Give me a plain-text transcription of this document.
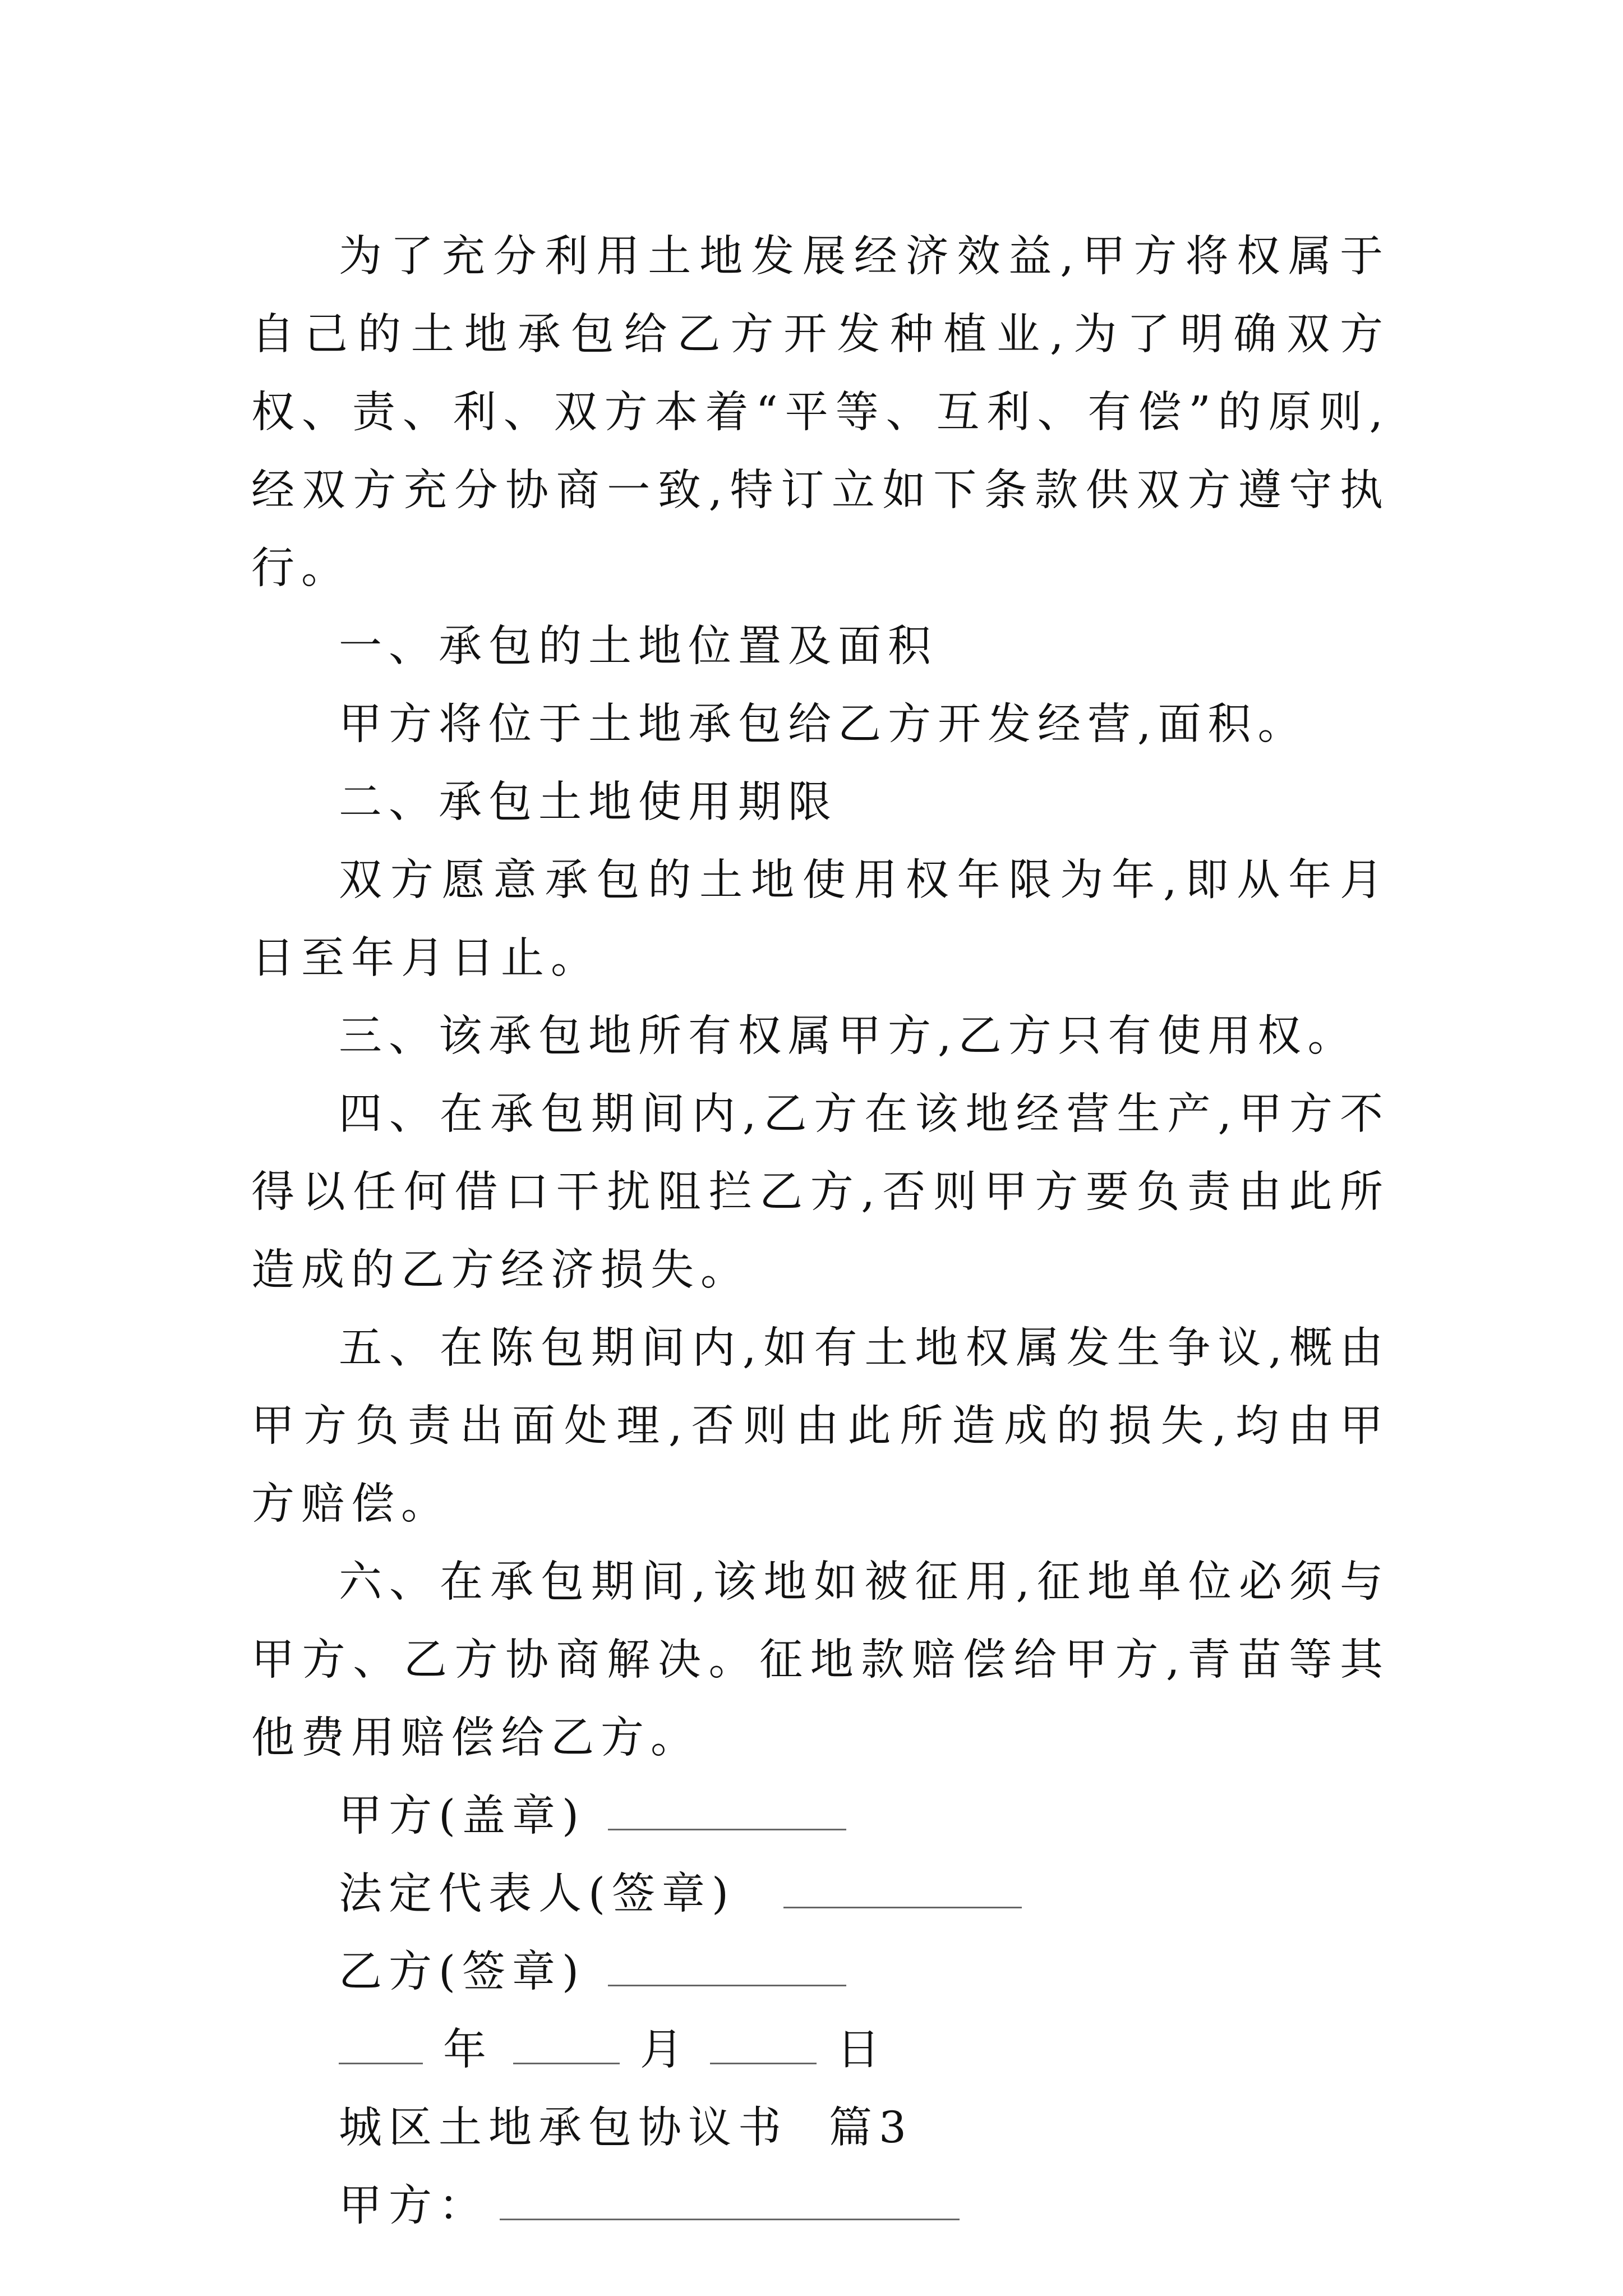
为了充分利用土地发展经济效益,甲方将权属于自己的土地承包给乙方开发种植业,为了明确双方权、责、利、双方本着“平等、互利、有偿”的原则,经双方充分协商一致,特订立如下条款供双方遵守执行。

一、承包的土地位置及面积

甲方将位于土地承包给乙方开发经营,面积。

二、承包土地使用期限

双方愿意承包的土地使用权年限为年,即从年月日至年月日止。

三、该承包地所有权属甲方,乙方只有使用权。

四、在承包期间内,乙方在该地经营生产,甲方不得以任何借口干扰阻拦乙方,否则甲方要负责由此所造成的乙方经济损失。

五、在陈包期间内,如有土地权属发生争议,概由甲方负责出面处理,否则由此所造成的损失,均由甲方赔偿。

六、在承包期间,该地如被征用,征地单位必须与甲方、乙方协商解决。征地款赔偿给甲方,青苗等其他费用赔偿给乙方。

甲方(盖章)
法定代表人(签章)
乙方(签章)
年	月	日
城区土地承包协议书  篇3
甲方：
